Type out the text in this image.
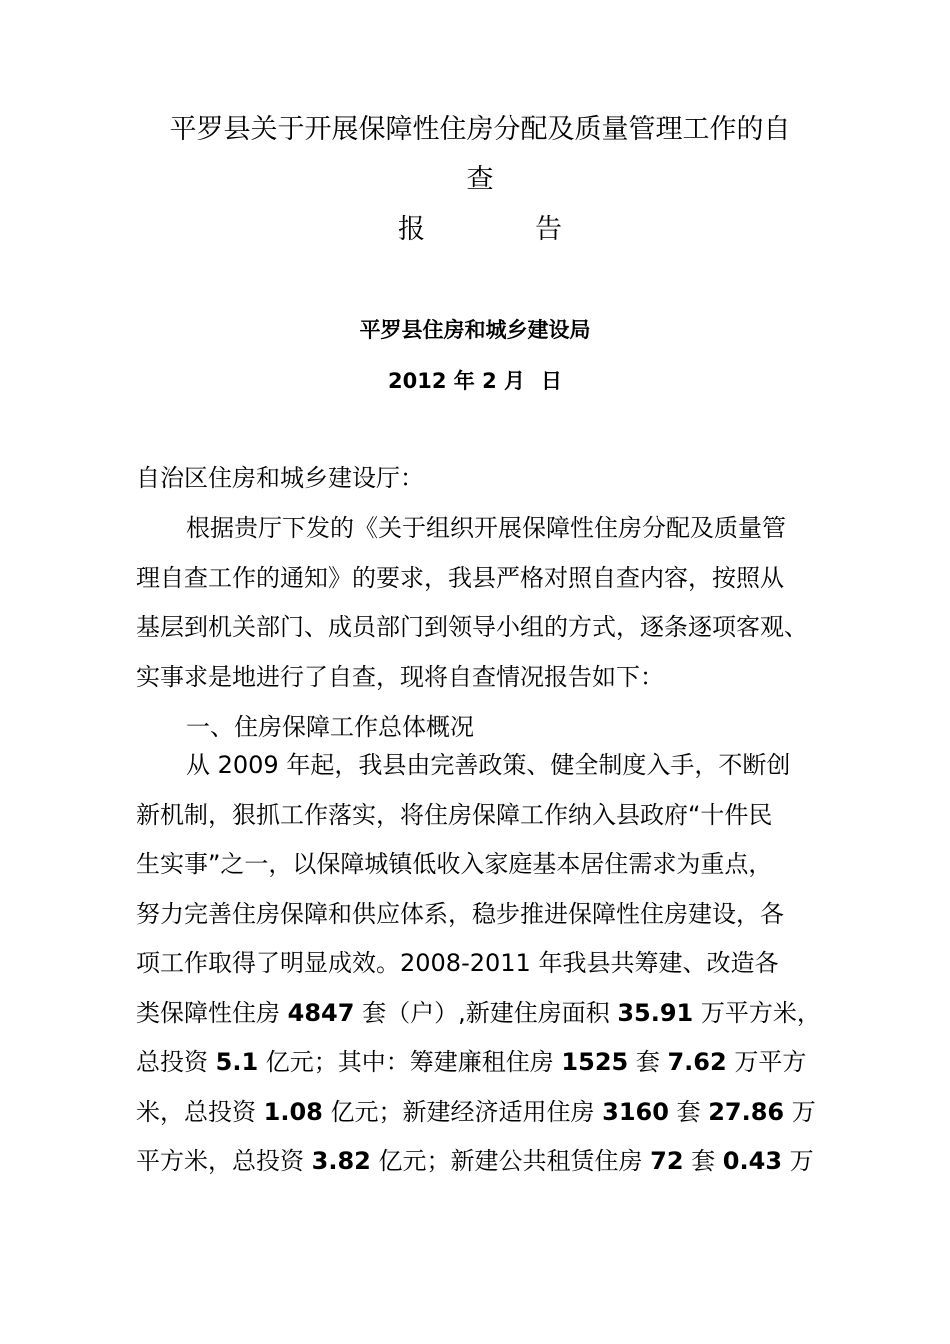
平罗县关于开展保障性住房分配及质量管理工作的自
查
报	告
平罗县住房和城乡建设局
2012 年 2 月 日
自治区住房和城乡建设厅：
根据贵厅下发的《关于组织开展保障性住房分配及质量管
理自查工作的通知》的要求，我县严格对照自查内容，按照从
基层到机关部门、成员部门到领导小组的方式，逐条逐项客观、
实事求是地进行了自查，现将自查情况报告如下：
一、住房保障工作总体概况
从 2009 年起，我县由完善政策、健全制度入手，不断创
新机制，狠抓工作落实，将住房保障工作纳入县政府“十件民
生实事”之一，以保障城镇低收入家庭基本居住需求为重点，
努力完善住房保障和供应体系，稳步推进保障性住房建设，各
项工作取得了明显成效。2008-2011 年我县共筹建、改造各
类保障性住房 4847 套（户）,新建住房面积 35.91 万平方米，
总投资 5.1 亿元；其中：筹建廉租住房 1525 套 7.62 万平方
米，总投资 1.08 亿元；新建经济适用住房 3160 套 27.86 万
平方米，总投资 3.82 亿元；新建公共租赁住房 72 套 0.43 万
